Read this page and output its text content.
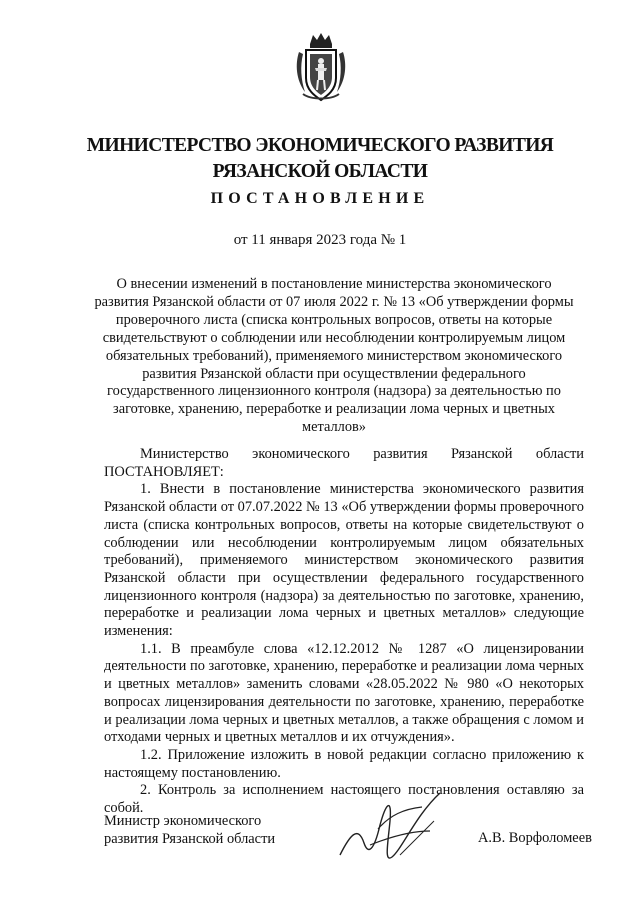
МИНИСТЕРСТВО ЭКОНОМИЧЕСКОГО РАЗВИТИЯ
РЯЗАНСКОЙ ОБЛАСТИ
ПОСТАНОВЛЕНИЕ
от 11 января 2023 года № 1
О внесении изменений в постановление министерства экономического развития Рязанской области от 07 июля 2022 г. № 13 «Об утверждении формы проверочного листа (списка контрольных вопросов, ответы на которые свидетельствуют о соблюдении или несоблюдении контролируемым лицом обязательных требований), применяемого министерством экономического развития Рязанской области при осуществлении федерального государственного лицензионного контроля (надзора) за деятельностью по заготовке, хранению, переработке и реализации лома черных и цветных металлов»

Министерство экономического развития Рязанской области

ПОСТАНОВЛЯЕТ:

1. Внести в постановление министерства экономического развития Рязанской области от 07.07.2022 № 13 «Об утверждении формы проверочного листа (списка контрольных вопросов, ответы на которые свидетельствуют о соблюдении или несоблюдении контролируемым лицом обязательных требований), применяемого министерством экономического развития Рязанской области при осуществлении федерального государственного лицензионного контроля (надзора) за деятельностью по заготовке, хранению, переработке и реализации лома черных и цветных металлов» следующие изменения:

1.1. В преамбуле слова «12.12.2012 № 1287 «О лицензировании деятельности по заготовке, хранению, переработке и реализации лома черных и цветных металлов» заменить словами «28.05.2022 № 980 «О некоторых вопросах лицензирования деятельности по заготовке, хранению, переработке и реализации лома черных и цветных металлов, а также обращения с ломом и отходами черных и цветных металлов и их отчуждения».

1.2. Приложение изложить в новой редакции согласно приложению к настоящему постановлению.

2. Контроль за исполнением настоящего постановления оставляю за собой.

Министр экономического
развития Рязанской области	А.В. Ворфоломеев
